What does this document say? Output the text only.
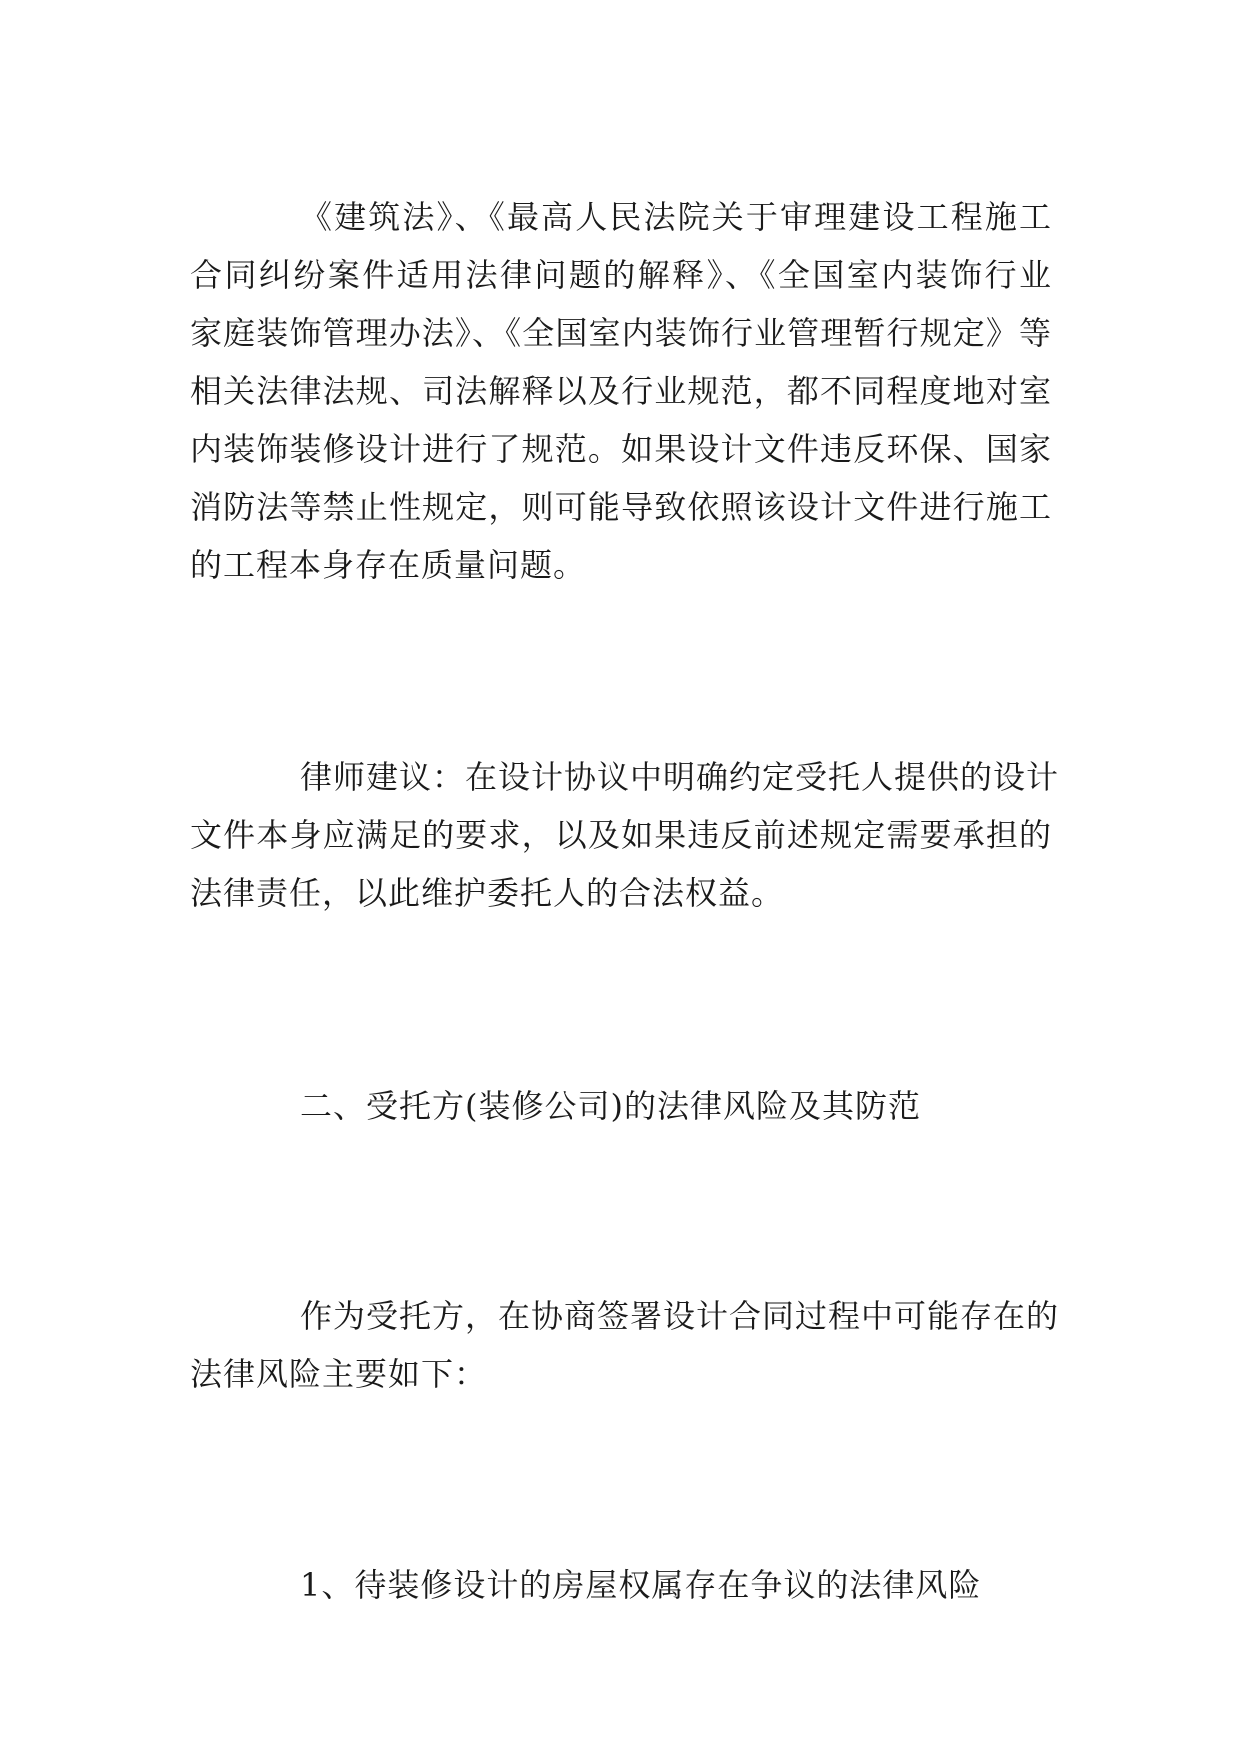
《建筑法》、《最高人民法院关于审理建设工程施工
合同纠纷案件适用法律问题的解释》、《全国室内装饰行业
家庭装饰管理办法》、《全国室内装饰行业管理暂行规定》等
相关法律法规、司法解释以及行业规范，都不同程度地对室
内装饰装修设计进行了规范。如果设计文件违反环保、国家
消防法等禁止性规定，则可能导致依照该设计文件进行施工
的工程本身存在质量问题。
律师建议：在设计协议中明确约定受托人提供的设计
文件本身应满足的要求，以及如果违反前述规定需要承担的
法律责任，以此维护委托人的合法权益。
二、受托方(装修公司)的法律风险及其防范
作为受托方，在协商签署设计合同过程中可能存在的
法律风险主要如下：
1、待装修设计的房屋权属存在争议的法律风险
